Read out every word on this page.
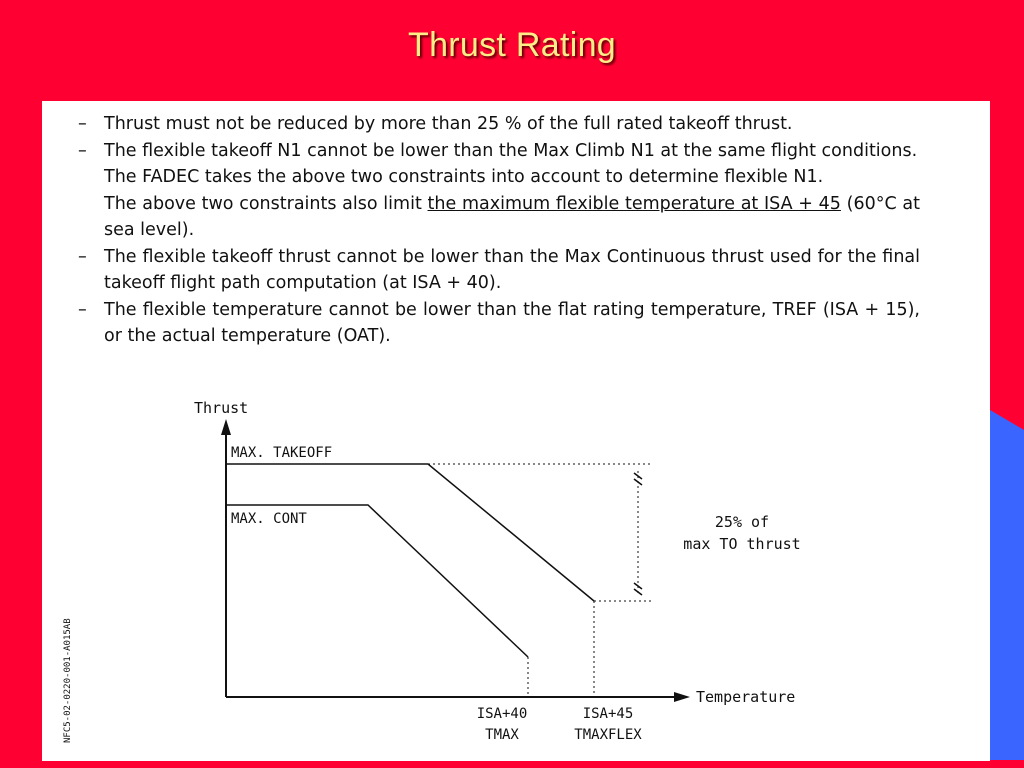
Thrust Rating
– Thrust must not be reduced by more than 25 % of the full rated takeoff thrust.
– The flexible takeoff N1 cannot be lower than the Max Climb N1 at the same flight conditions.
The FADEC takes the above two constraints into account to determine flexible N1.
The above two constraints also limit the maximum flexible temperature at ISA + 45 (60°C at sea level).
– The flexible takeoff thrust cannot be lower than the Max Continuous thrust used for the final takeoff flight path computation (at ISA + 40).
– The flexible temperature cannot be lower than the flat rating temperature, TREF (ISA + 15), or the actual temperature (OAT).
Thrust
Temperature
MAX. TAKEOFF
MAX. CONT	25% of
max TO thrust
ISA+40
TMAX
ISA+45
TMAXFLEX
NFC5-02-0220-001-A015AB
